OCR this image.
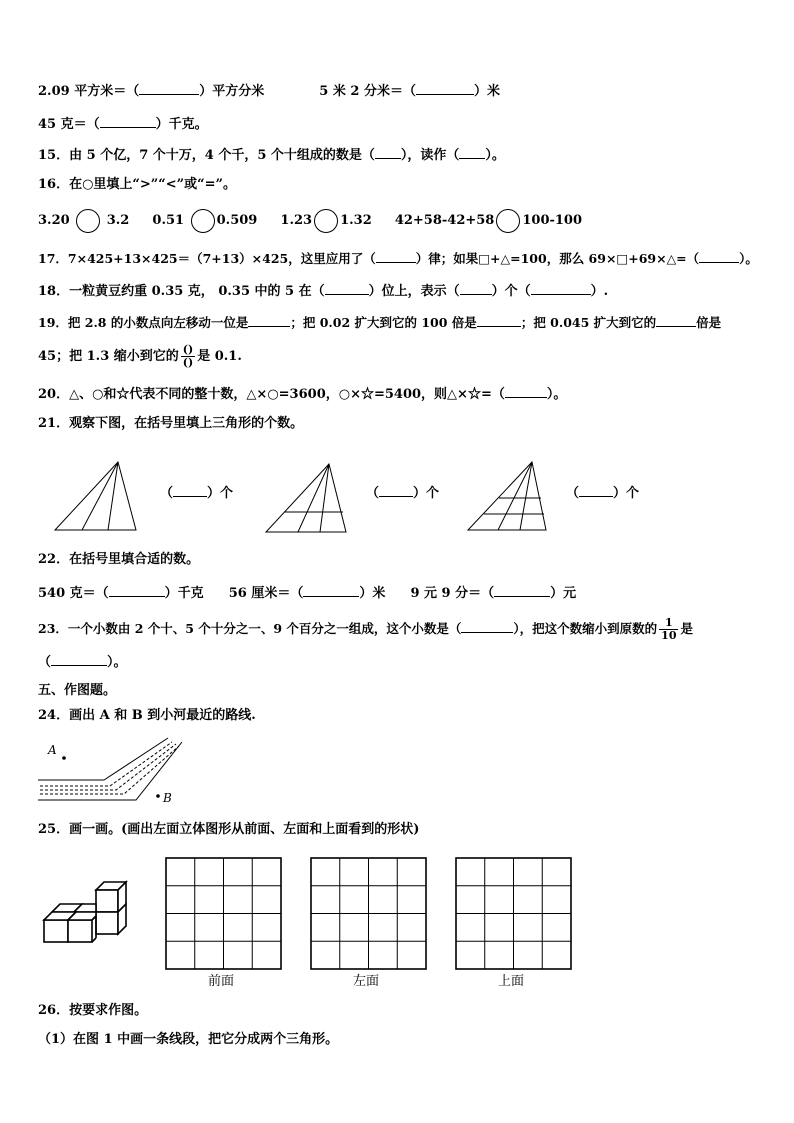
2.09 平方米＝（	）平方分米	5 米 2 分米＝（	）米
45 克＝（	）千克。
15．由 5 个亿，7 个十万，4 个千，5 个十组成的数是（ ），读作（ ）。
16．在○里填上“>”“<”或“=”。
3.20	3.2 0.51	0.509 1.23 1.32 42+58-42+58 100-100
17．7×425+13×425＝（7+13）×425，这里应用了（	）律；如果□+△=100，那么 69×□+69×△=（	）。
18．一粒黄豆约重 0.35 克， 0.35 中的 5 在（	）位上，表示（ ）个（	）.
19．把 2.8 的小数点向左移动一位是	；把 0.02 扩大到它的 100 倍是	；把 0.045 扩大到它的	倍是
45；把 1.3 缩小到它的 $\frac{()}{()}$ 是 0.1.
20．△、○和☆代表不同的整十数，△×○=3600，○×☆=5400，则△×☆=（	）。
21．观察下图，在括号里填上三角形的个数。
（	）个	（	）个	（	）个
22．在括号里填合适的数。
540 克＝（	）千克 56 厘米＝（	）米 9 元 9 分＝（	）元
23．一个小数由 2 个十、5 个十分之一、9 个百分之一组成，这个小数是（	），把这个数缩小到原数的 $\frac{1}{10}$ 是
（	）。
五、作图题。
24．画出 A 和 B 到小河最近的路线.
A
B
25．画一画。(画出左面立体图形从前面、左面和上面看到的形状)
前面	左面	上面
26．按要求作图。
（1）在图 1 中画一条线段，把它分成两个三角形。
